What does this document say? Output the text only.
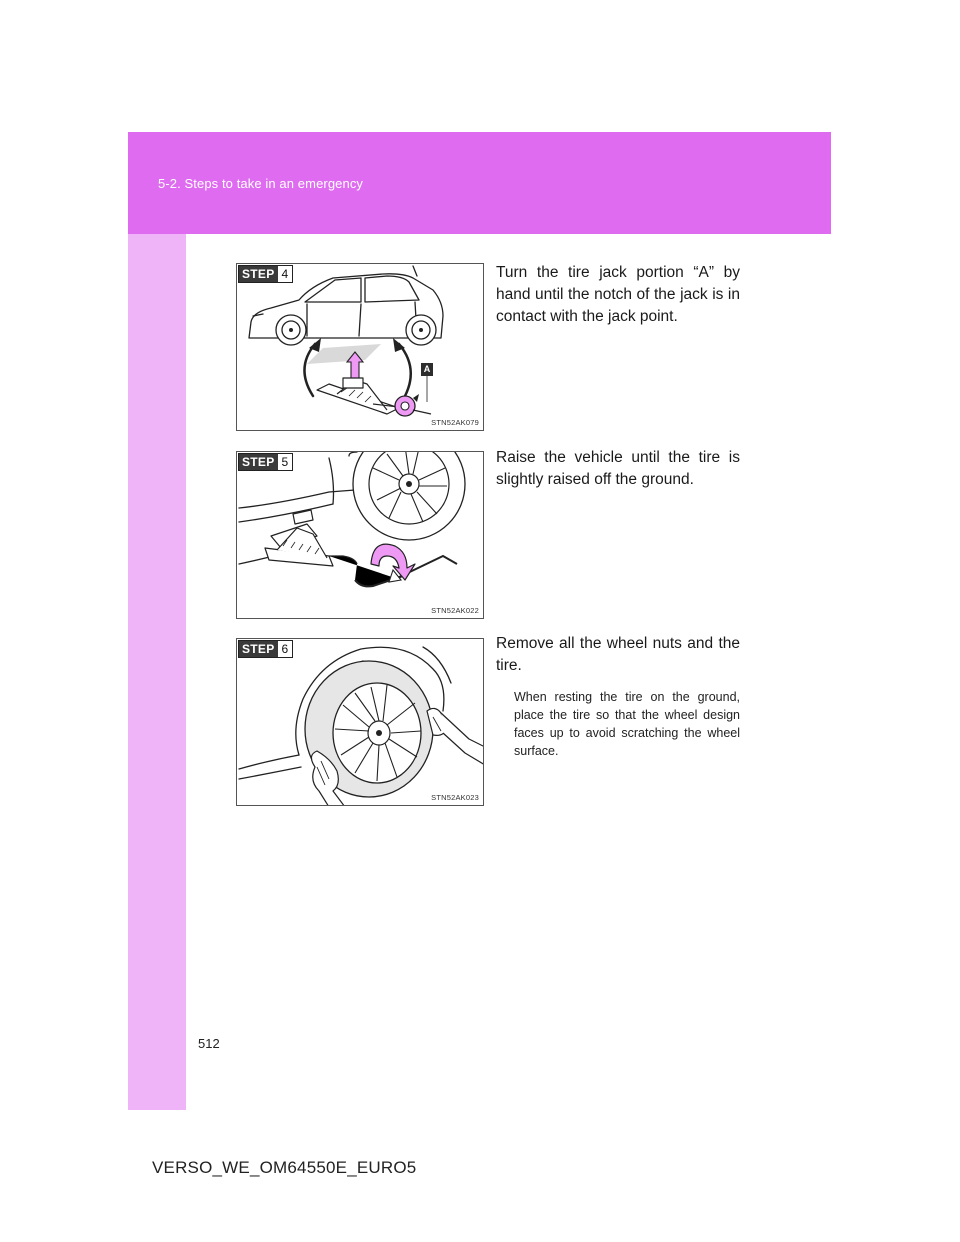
5-2. Steps to take in an emergency
STEP 4
A
STN52AK079

Turn the tire jack portion “A” by hand until the notch of the jack is in contact with the jack point.

STEP 5
STN52AK022

Raise the vehicle until the tire is slightly raised off the ground.

STEP 6
STN52AK023

Remove all the wheel nuts and the tire.

When resting the tire on the ground, place the tire so that the wheel design faces up to avoid scratching the wheel surface.

512
VERSO_WE_OM64550E_EURO5
